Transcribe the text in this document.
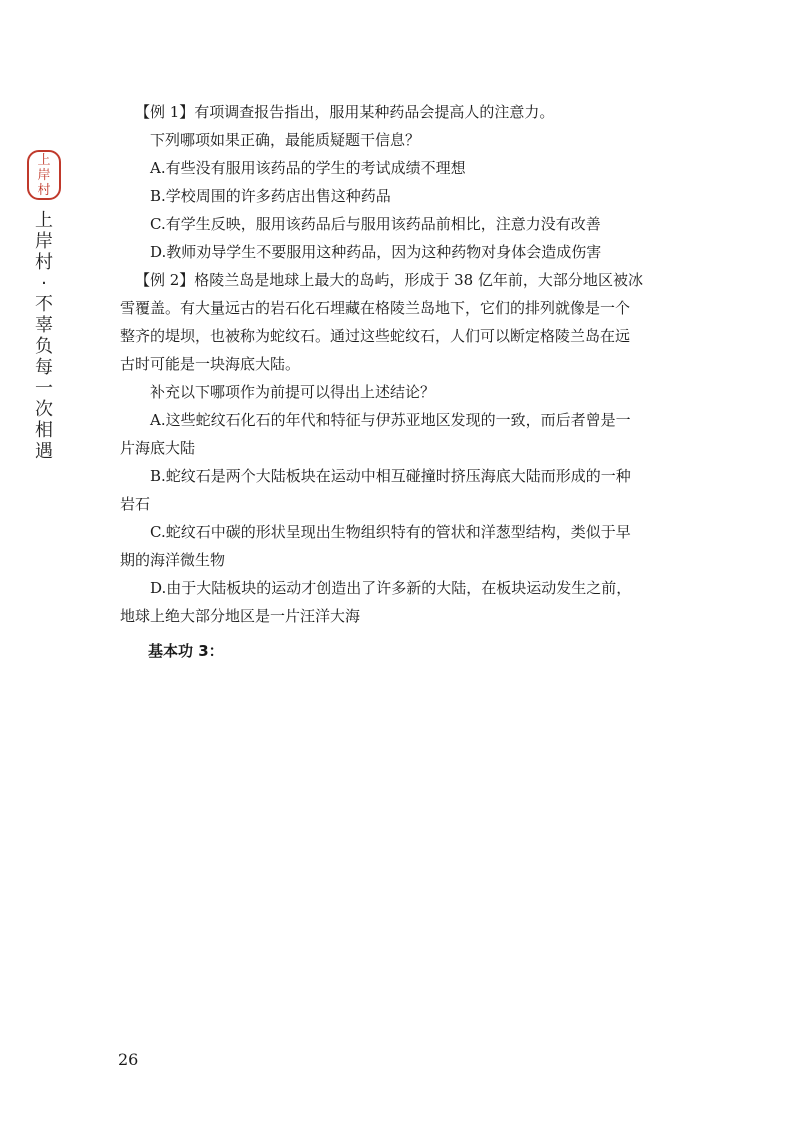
上
岸
村
上岸村·不辜负每一次相遇

【例 1】有项调查报告指出，服用某种药品会提高人的注意力。

下列哪项如果正确，最能质疑题干信息？

A.有些没有服用该药品的学生的考试成绩不理想

B.学校周围的许多药店出售这种药品

C.有学生反映，服用该药品后与服用该药品前相比，注意力没有改善

D.教师劝导学生不要服用这种药品，因为这种药物对身体会造成伤害

【例 2】格陵兰岛是地球上最大的岛屿，形成于 38 亿年前，大部分地区被冰雪覆盖。有大量远古的岩石化石埋藏在格陵兰岛地下，它们的排列就像是一个整齐的堤坝，也被称为蛇纹石。通过这些蛇纹石，人们可以断定格陵兰岛在远古时可能是一块海底大陆。

补充以下哪项作为前提可以得出上述结论？

A.这些蛇纹石化石的年代和特征与伊苏亚地区发现的一致，而后者曾是一片海底大陆

B.蛇纹石是两个大陆板块在运动中相互碰撞时挤压海底大陆而形成的一种岩石

C.蛇纹石中碳的形状呈现出生物组织特有的管状和洋葱型结构，类似于早期的海洋微生物

D.由于大陆板块的运动才创造出了许多新的大陆，在板块运动发生之前，地球上绝大部分地区是一片汪洋大海

基本功 3：
26
